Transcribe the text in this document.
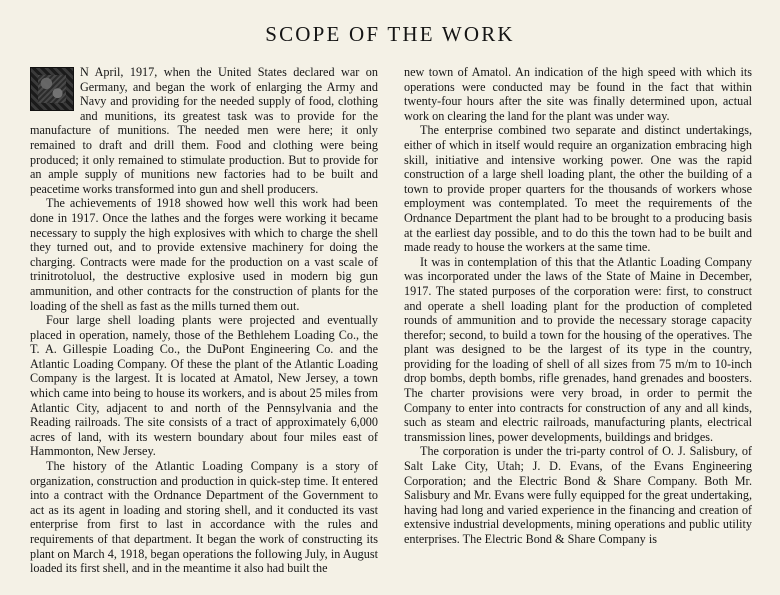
SCOPE OF THE WORK

N April, 1917, when the United States declared war on Germany, and began the work of enlarging the Army and Navy and providing for the needed supply of food, clothing and munitions, its greatest task was to provide for the manufacture of munitions. The needed men were here; it only remained to draft and drill them. Food and clothing were being produced; it only remained to stimulate production. But to provide for an ample supply of munitions new factories had to be built and peacetime works transformed into gun and shell producers.

The achievements of 1918 showed how well this work had been done in 1917. Once the lathes and the forges were working it became necessary to supply the high explosives with which to charge the shell they turned out, and to provide extensive machinery for doing the charging. Contracts were made for the production on a vast scale of trinitrotoluol, the destructive explosive used in modern big gun ammunition, and other contracts for the construction of plants for the loading of the shell as fast as the mills turned them out.

Four large shell loading plants were projected and eventually placed in operation, namely, those of the Bethlehem Loading Co., the T. A. Gillespie Loading Co., the DuPont Engineering Co. and the Atlantic Loading Company. Of these the plant of the Atlantic Loading Company is the largest. It is located at Amatol, New Jersey, a town which came into being to house its workers, and is about 25 miles from Atlantic City, adjacent to and north of the Pennsylvania and the Reading railroads. The site consists of a tract of approximately 6,000 acres of land, with its western boundary about four miles east of Hammonton, New Jersey.

The history of the Atlantic Loading Company is a story of organization, construction and production in quick-step time. It entered into a contract with the Ordnance Department of the Government to act as its agent in loading and storing shell, and it conducted its vast enterprise from first to last in accordance with the rules and requirements of that department. It began the work of constructing its plant on March 4, 1918, began operations the following July, in August loaded its first shell, and in the meantime it also had built the

new town of Amatol. An indication of the high speed with which its operations were conducted may be found in the fact that within twenty-four hours after the site was finally determined upon, actual work on clearing the land for the plant was under way.

The enterprise combined two separate and distinct undertakings, either of which in itself would require an organization embracing high skill, initiative and intensive working power. One was the rapid construction of a large shell loading plant, the other the building of a town to provide proper quarters for the thousands of workers whose employment was contemplated. To meet the requirements of the Ordnance Department the plant had to be brought to a producing basis at the earliest day possible, and to do this the town had to be built and made ready to house the workers at the same time.

It was in contemplation of this that the Atlantic Loading Company was incorporated under the laws of the State of Maine in December, 1917. The stated purposes of the corporation were: first, to construct and operate a shell loading plant for the production of completed rounds of ammunition and to provide the necessary storage capacity therefor; second, to build a town for the housing of the operatives. The plant was designed to be the largest of its type in the country, providing for the loading of shell of all sizes from 75 m/m to 10-inch drop bombs, depth bombs, rifle grenades, hand grenades and boosters. The charter provisions were very broad, in order to permit the Company to enter into contracts for construction of any and all kinds, such as steam and electric railroads, manufacturing plants, electrical transmission lines, power developments, buildings and bridges.

The corporation is under the tri-party control of O. J. Salisbury, of Salt Lake City, Utah; J. D. Evans, of the Evans Engineering Corporation; and the Electric Bond & Share Company. Both Mr. Salisbury and Mr. Evans were fully equipped for the great undertaking, having had long and varied experience in the financing and creation of extensive industrial developments, mining operations and public utility enterprises. The Electric Bond & Share Company is
